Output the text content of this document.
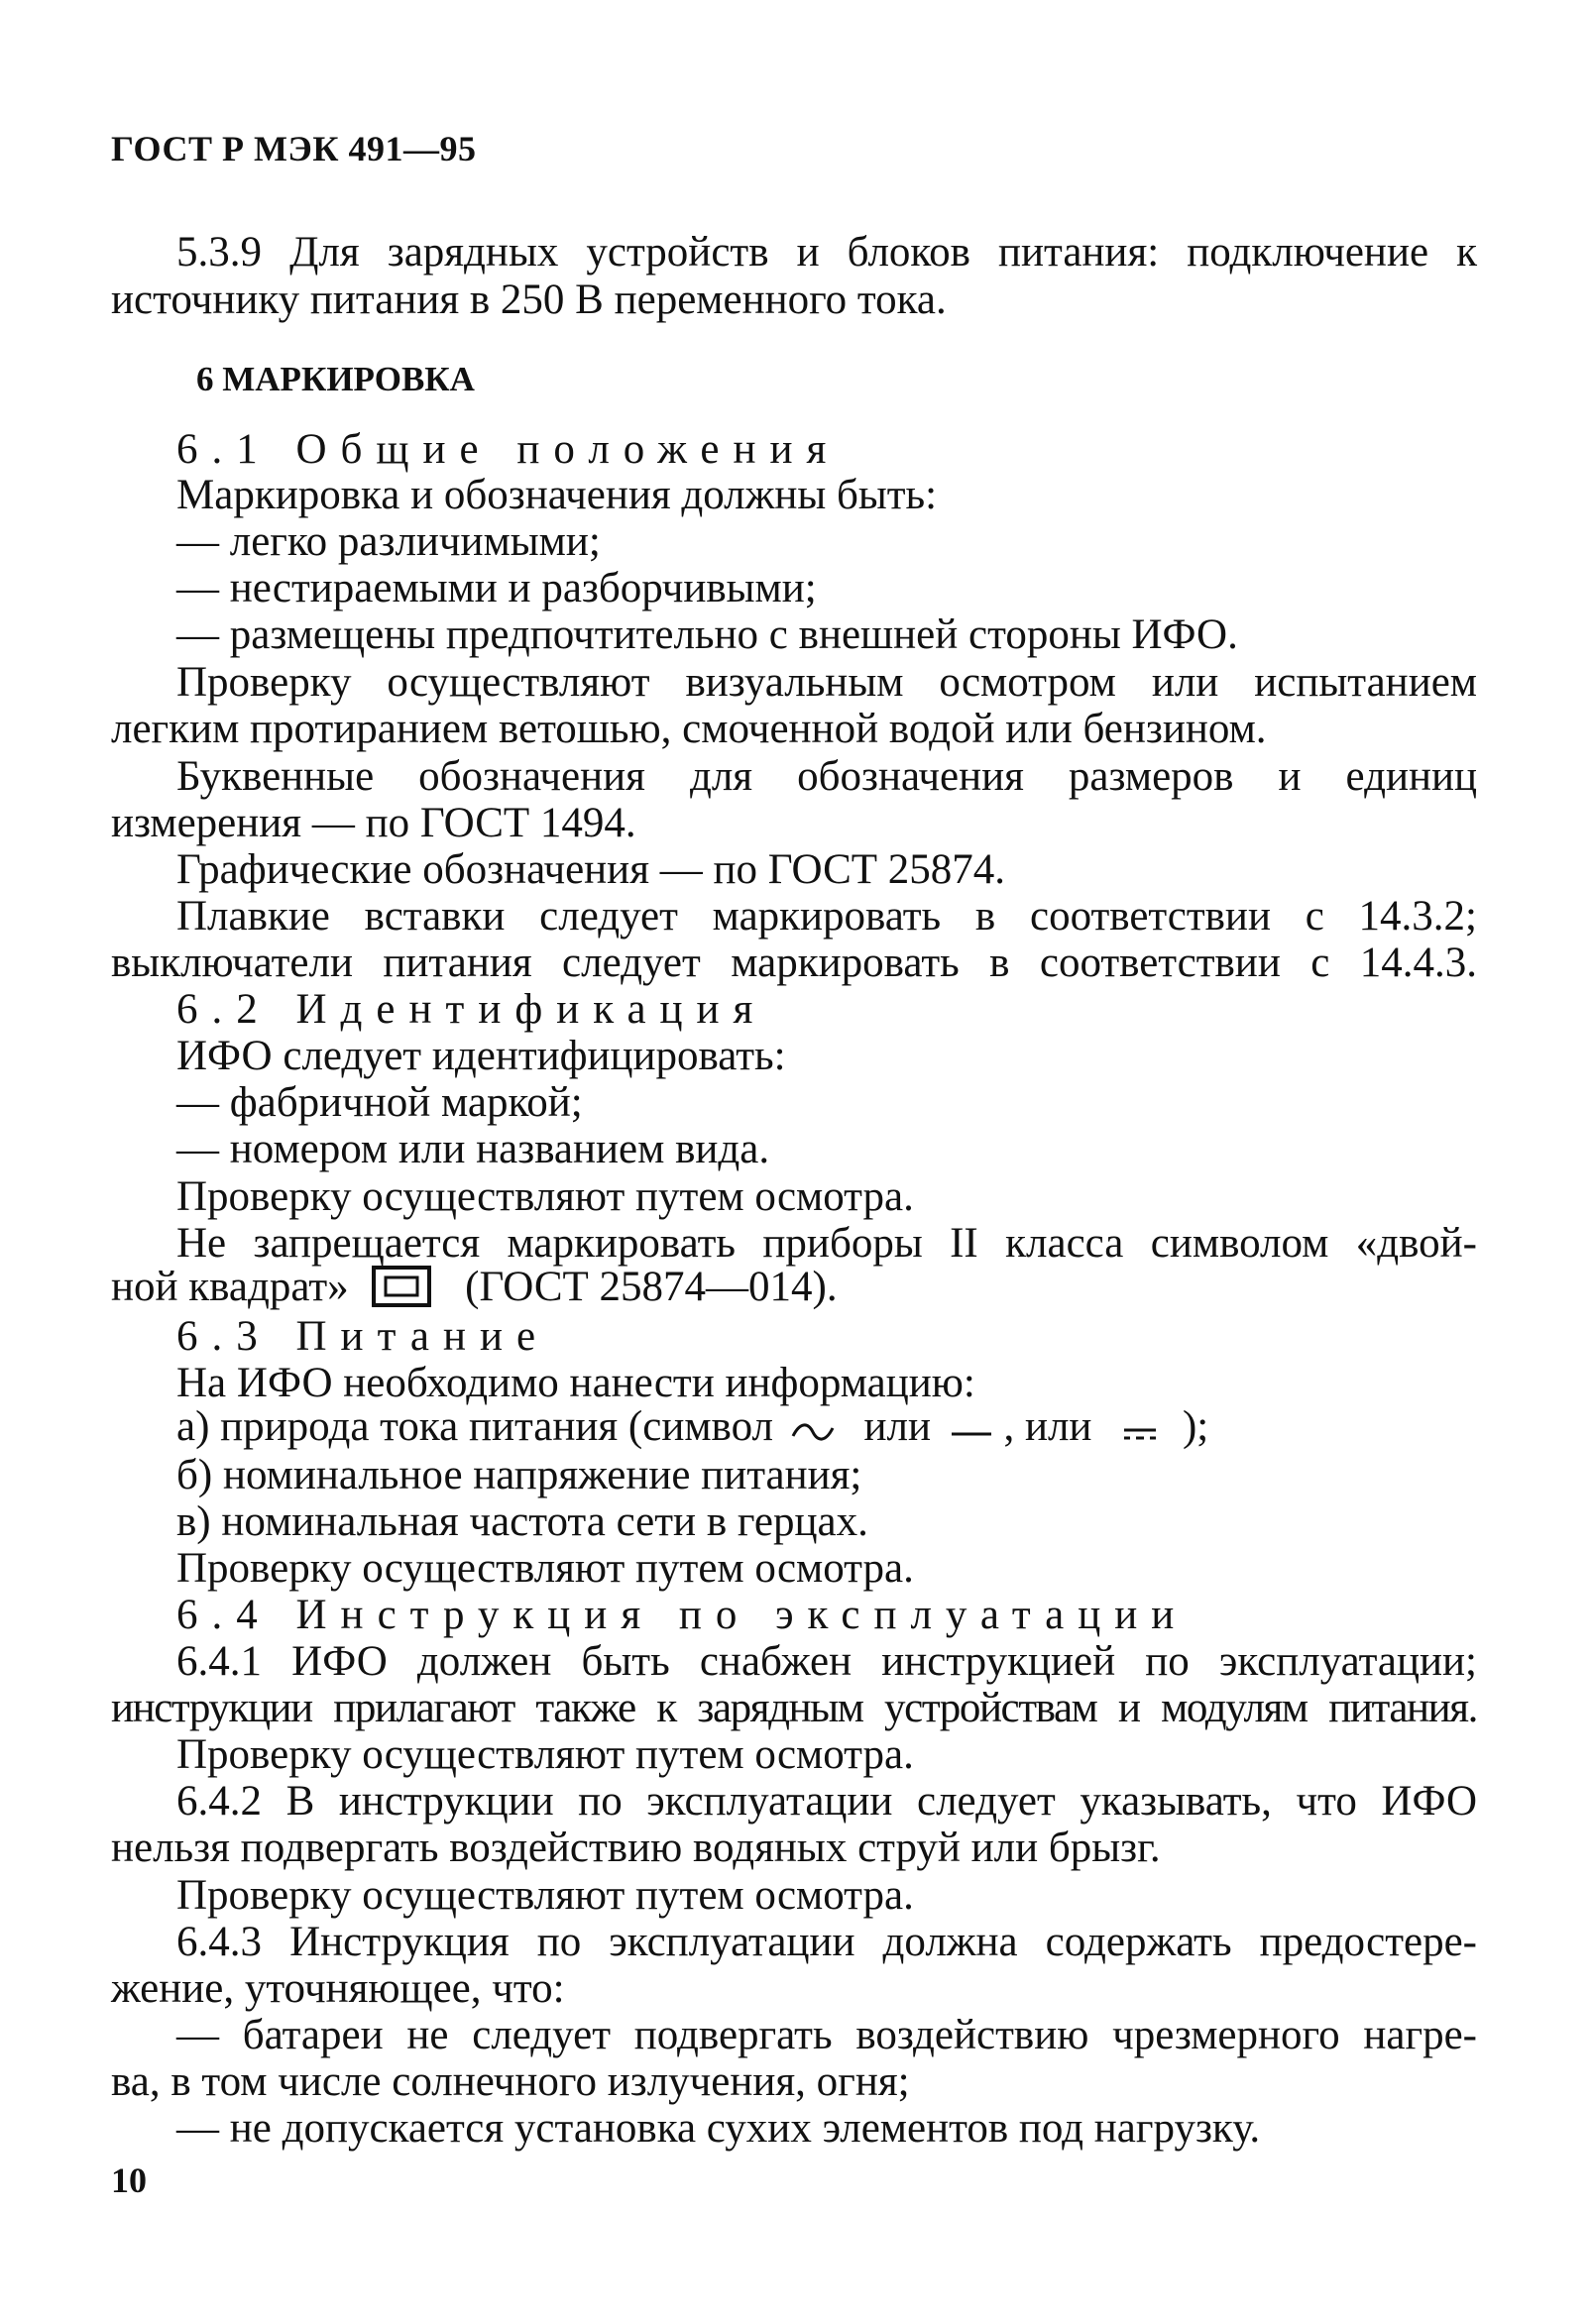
ГОСТ Р МЭК 491—95
5.3.9 Для зарядных устройств и блоков питания: подключение к
источнику питания в 250 В переменного тока.
6 МАРКИРОВКА
6.1 Общие положения
Маркировка и обозначения должны быть:
— легко различимыми;
— нестираемыми и разборчивыми;
— размещены предпочтительно с внешней стороны ИФО.
Проверку осуществляют визуальным осмотром или испытанием
легким протиранием ветошью, смоченной водой или бензином.
Буквенные обозначения для обозначения размеров и единиц
измерения — по ГОСТ 1494.
Графические обозначения — по ГОСТ 25874.
Плавкие вставки следует маркировать в соответствии с 14.3.2;
выключатели питания следует маркировать в соответствии с 14.4.3.
6.2 Идентификация
ИФО следует идентифицировать:
— фабричной маркой;
— номером или названием вида.
Проверку осуществляют путем осмотра.
Не запрещается маркировать приборы II класса символом «двой-
ной квадрат»	(ГОСТ 25874—014).
6.3 Питание
На ИФО необходимо нанести информацию:
а) природа тока питания (символ или , или );
б) номинальное напряжение питания;
в) номинальная частота сети в герцах.
Проверку осуществляют путем осмотра.
6.4 Инструкция по эксплуатации
6.4.1 ИФО должен быть снабжен инструкцией по эксплуатации;
инструкции прилагают также к зарядным устройствам и модулям питания.
Проверку осуществляют путем осмотра.
6.4.2 В инструкции по эксплуатации следует указывать, что ИФО
нельзя подвергать воздействию водяных струй или брызг.
Проверку осуществляют путем осмотра.
6.4.3 Инструкция по эксплуатации должна содержать предостере-
жение, уточняющее, что:
— батареи не следует подвергать воздействию чрезмерного нагре-
ва, в том числе солнечного излучения, огня;
— не допускается установка сухих элементов под нагрузку.
10
